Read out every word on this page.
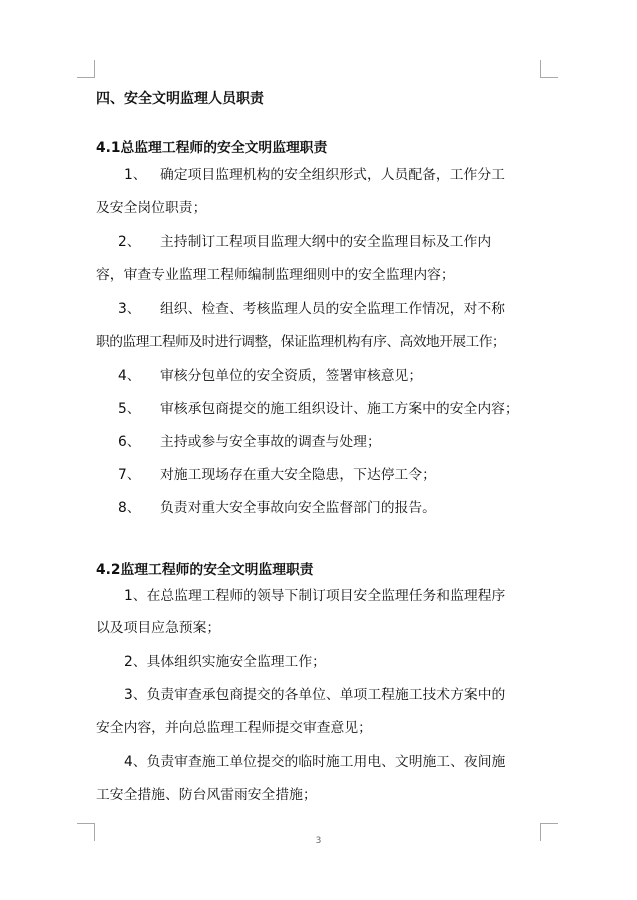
四、安全文明监理人员职责
4.1总监理工程师的安全文明监理职责
1、 确定项目监理机构的安全组织形式，人员配备，工作分工
及安全岗位职责；
2、 主持制订工程项目监理大纲中的安全监理目标及工作内
容，审查专业监理工程师编制监理细则中的安全监理内容；
3、 组织、检查、考核监理人员的安全监理工作情况，对不称
职的监理工程师及时进行调整，保证监理机构有序、高效地开展工作；
4、 审核分包单位的安全资质，签署审核意见；
5、 审核承包商提交的施工组织设计、施工方案中的安全内容；
6、 主持或参与安全事故的调查与处理；
7、 对施工现场存在重大安全隐患，下达停工令；
8、 负责对重大安全事故向安全监督部门的报告。
4.2监理工程师的安全文明监理职责
1、在总监理工程师的领导下制订项目安全监理任务和监理程序
以及项目应急预案；
2、具体组织实施安全监理工作；
3、负责审查承包商提交的各单位、单项工程施工技术方案中的
安全内容，并向总监理工程师提交审查意见；
4、负责审查施工单位提交的临时施工用电、文明施工、夜间施
工安全措施、防台风雷雨安全措施；
3
